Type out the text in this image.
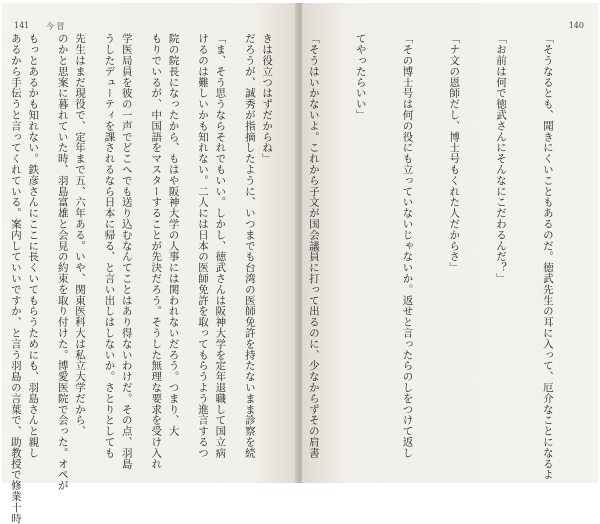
141 今 冒

だろうが、誠秀が指摘したように、いつまでも台湾の医師免許を持たないまま診察を続

けるのは難しいかも知れない。二人には日本の医師免許を取ってもらうよう進言するつ

もりでいるが、中国語をマスターすることが先決だろう。そうした無理な要求を受け入れ

うしたデューティを課されるなら日本に帰る、と言い出しはしないか。さとりとしても

のかと思案に暮れていた時、羽島富雄と会見の約束を取り付けた。博愛医院で会った。オペが

あるから手伝うと言ってくれている。案内していいですか、と言う羽島の言葉で、助教授で修業十時

140

「そうなるとも、聞きにくいこともあるのだ。徳武先生の耳に入って、厄介なことになるよ

「お前は何で徳武さんにそんなにこだわるんだ？」

「ナ文の恩師だし、博士号もくれた人だからさ」

「その博士号は何の役にも立っていないじゃないか。返せと言ったらのしをつけて返し

てやったらいい」

「そうはいかないよ。これから子文が国会議員に打って出るのに、少なからずその肩書

きは役立つはずだからね」

「ま、そう思うならそれでもいい。しかし、徳武さんは阪神大学を定年退職して国立病

院の院長になったから、もはや阪神大学の人事には関われないだろう。つまり、大

学医局員を彼の一声でどこへでも送り込むなんてことはあり得ないわけだ。その点、羽島

先生はまだ現役で、定年まで五、六年ある。いや、関東医科大は私立大学だから、

もっとあるかも知れない。鉄彦さんにここに長くいてもらうためにも、羽島さんと親し
